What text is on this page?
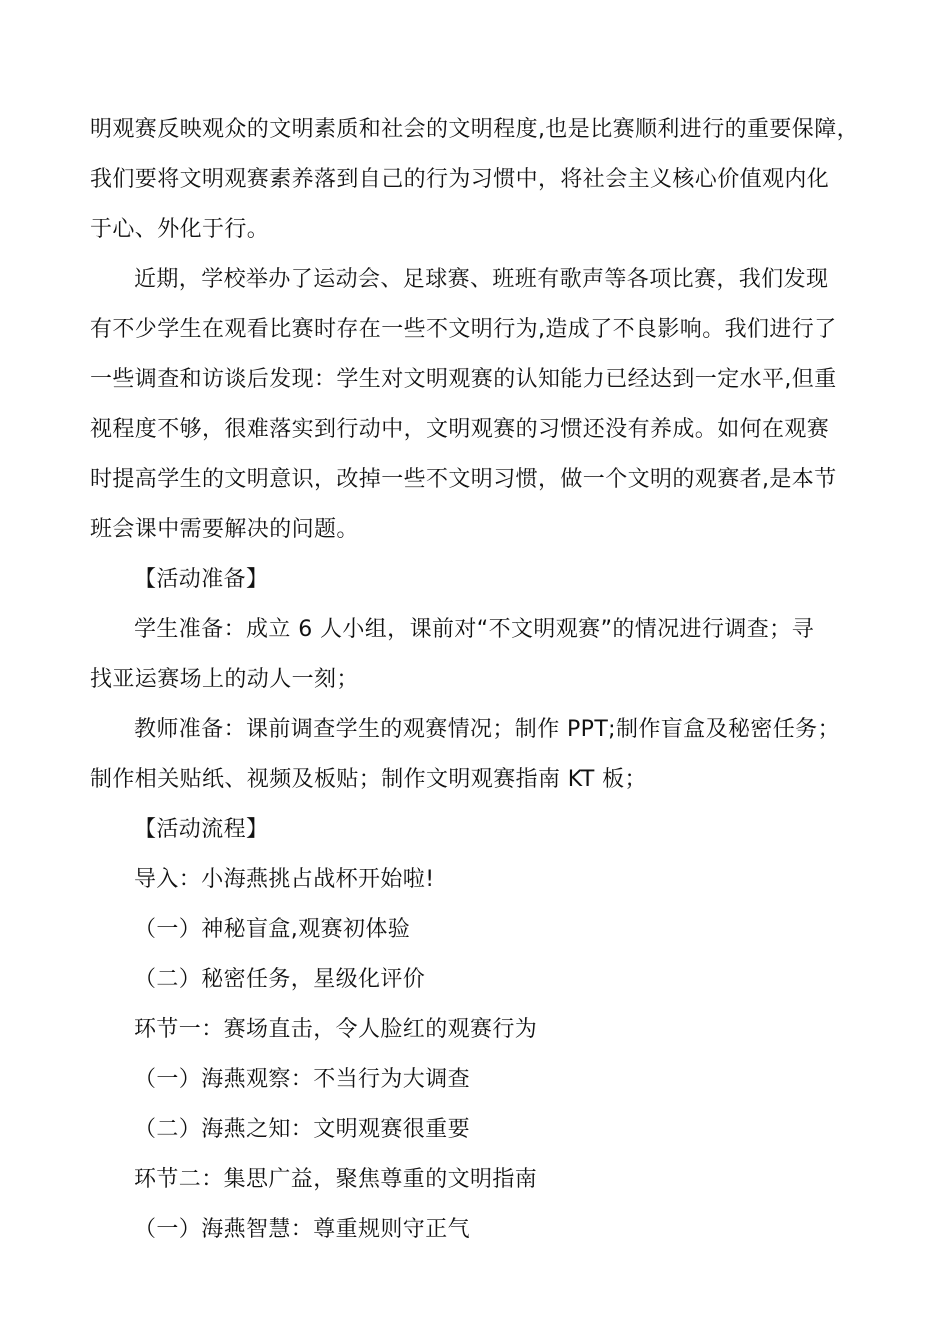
明观赛反映观众的文明素质和社会的文明程度,也是比赛顺利进行的重要保障，
我们要将文明观赛素养落到自己的行为习惯中，将社会主义核心价值观内化
于心、外化于行。
近期，学校举办了运动会、足球赛、班班有歌声等各项比赛，我们发现
有不少学生在观看比赛时存在一些不文明行为,造成了不良影响。我们进行了
一些调查和访谈后发现：学生对文明观赛的认知能力已经达到一定水平,但重
视程度不够，很难落实到行动中，文明观赛的习惯还没有养成。如何在观赛
时提高学生的文明意识，改掉一些不文明习惯，做一个文明的观赛者,是本节
班会课中需要解决的问题。
【活动准备】
学生准备：成立 6 人小组，课前对“不文明观赛”的情况进行调查；寻
找亚运赛场上的动人一刻；
教师准备：课前调查学生的观赛情况；制作 PPT;制作盲盒及秘密任务；
制作相关贴纸、视频及板贴；制作文明观赛指南 KT 板；
【活动流程】
导入：小海燕挑占战杯开始啦!
（一）神秘盲盒,观赛初体验
（二）秘密任务，星级化评价
环节一：赛场直击，令人脸红的观赛行为
（一）海燕观察：不当行为大调查
（二）海燕之知：文明观赛很重要
环节二：集思广益，聚焦尊重的文明指南
（一）海燕智慧：尊重规则守正气
